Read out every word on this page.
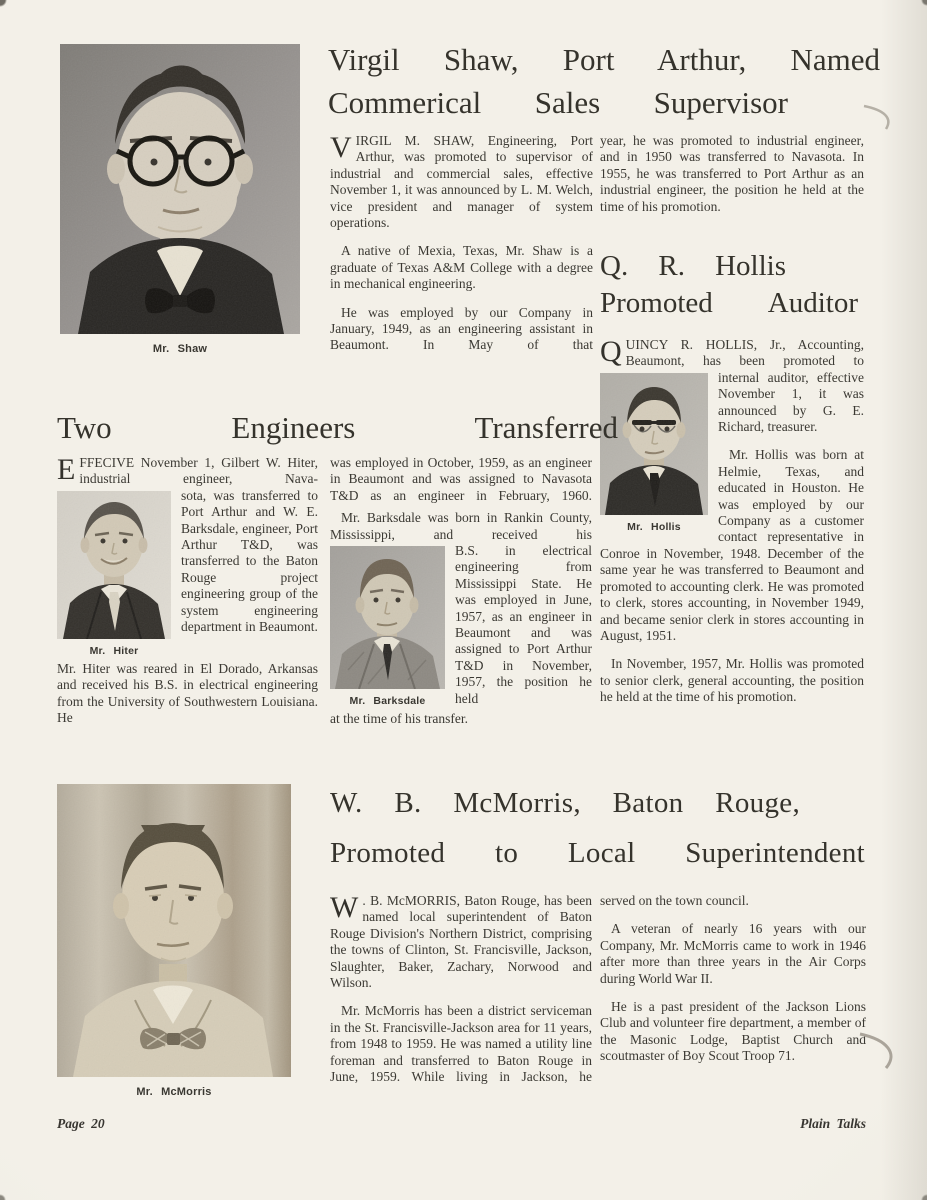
Mr. Shaw
Virgil Shaw, Port Arthur, Named
Commerical Sales Supervisor

VIRGIL M. SHAW, Engineering, Port Arthur, was promoted to supervisor of industrial and commercial sales, effective November 1, it was announced by L. M. Welch, vice president and manager of system operations.

A native of Mexia, Texas, Mr. Shaw is a graduate of Texas A&M College with a degree in mechanical engineering.

He was employed by our Company in January, 1949, as an engineering assistant in Beaumont. In May of that

year, he was promoted to industrial engineer, and in 1950 was transferred to Navasota. In 1955, he was transferred to Port Arthur as an industrial engineer, the position he held at the time of his promotion.

Q. R. Hollis
Promoted Auditor

QUINCY R. HOLLIS, Jr., Accounting, Beaumont, has been promoted to

Mr. Hollis

internal auditor, effective November 1, it was announced by G. E. Richard, treasurer.

Mr. Hollis was born at Helmie, Texas, and educated in Houston. He was employed by our Company as a customer contact representative in Conroe in November, 1948. December of the same year he was transferred to Beaumont and promoted to accounting clerk. He was promoted to clerk, stores accounting, in November 1949, and became senior clerk in stores accounting in August, 1951.

In November, 1957, Mr. Hollis was promoted to senior clerk, general accounting, the position he held at the time of his promotion.

Two Engineers Transferred

EFFECIVE November 1, Gilbert W. Hiter, industrial engineer, Nava-

Mr. Hiter

sota, was transferred to Port Arthur and W. E. Barksdale, engineer, Port Arthur T&D, was transferred to the Baton Rouge project engineering group of the system engineering department in Beaumont.

Mr. Hiter was reared in El Dorado, Arkansas and received his B.S. in electrical engineering from the University of Southwestern Louisiana. He

was employed in October, 1959, as an engineer in Beaumont and was assigned to Navasota T&D as an engineer in February, 1960.

Mr. Barksdale was born in Rankin County, Mississippi, and received his

Mr. Barksdale

B.S. in electrical engineering from Mississippi State. He was employed in June, 1957, as an engineer in Beaumont and was assigned to Port Arthur T&D in November, 1957, the position he held

at the time of his transfer.

Mr. McMorris
W. B. McMorris, Baton Rouge,
Promoted to Local Superintendent

W . B. McMORRIS, Baton Rouge, has been named local superintendent of Baton Rouge Division's Northern District, comprising the towns of Clinton, St. Francisville, Jackson, Slaughter, Baker, Zachary, Norwood and Wilson.

Mr. McMorris has been a district serviceman in the St. Francisville-Jackson area for 11 years, from 1948 to 1959. He was named a utility line foreman and transferred to Baton Rouge in June, 1959. While living in Jackson, he

served on the town council.

A veteran of nearly 16 years with our Company, Mr. McMorris came to work in 1946 after more than three years in the Air Corps during World War II.

He is a past president of the Jackson Lions Club and volunteer fire department, a member of the Masonic Lodge, Baptist Church and scoutmaster of Boy Scout Troop 71.

Page 20	Plain Talks
